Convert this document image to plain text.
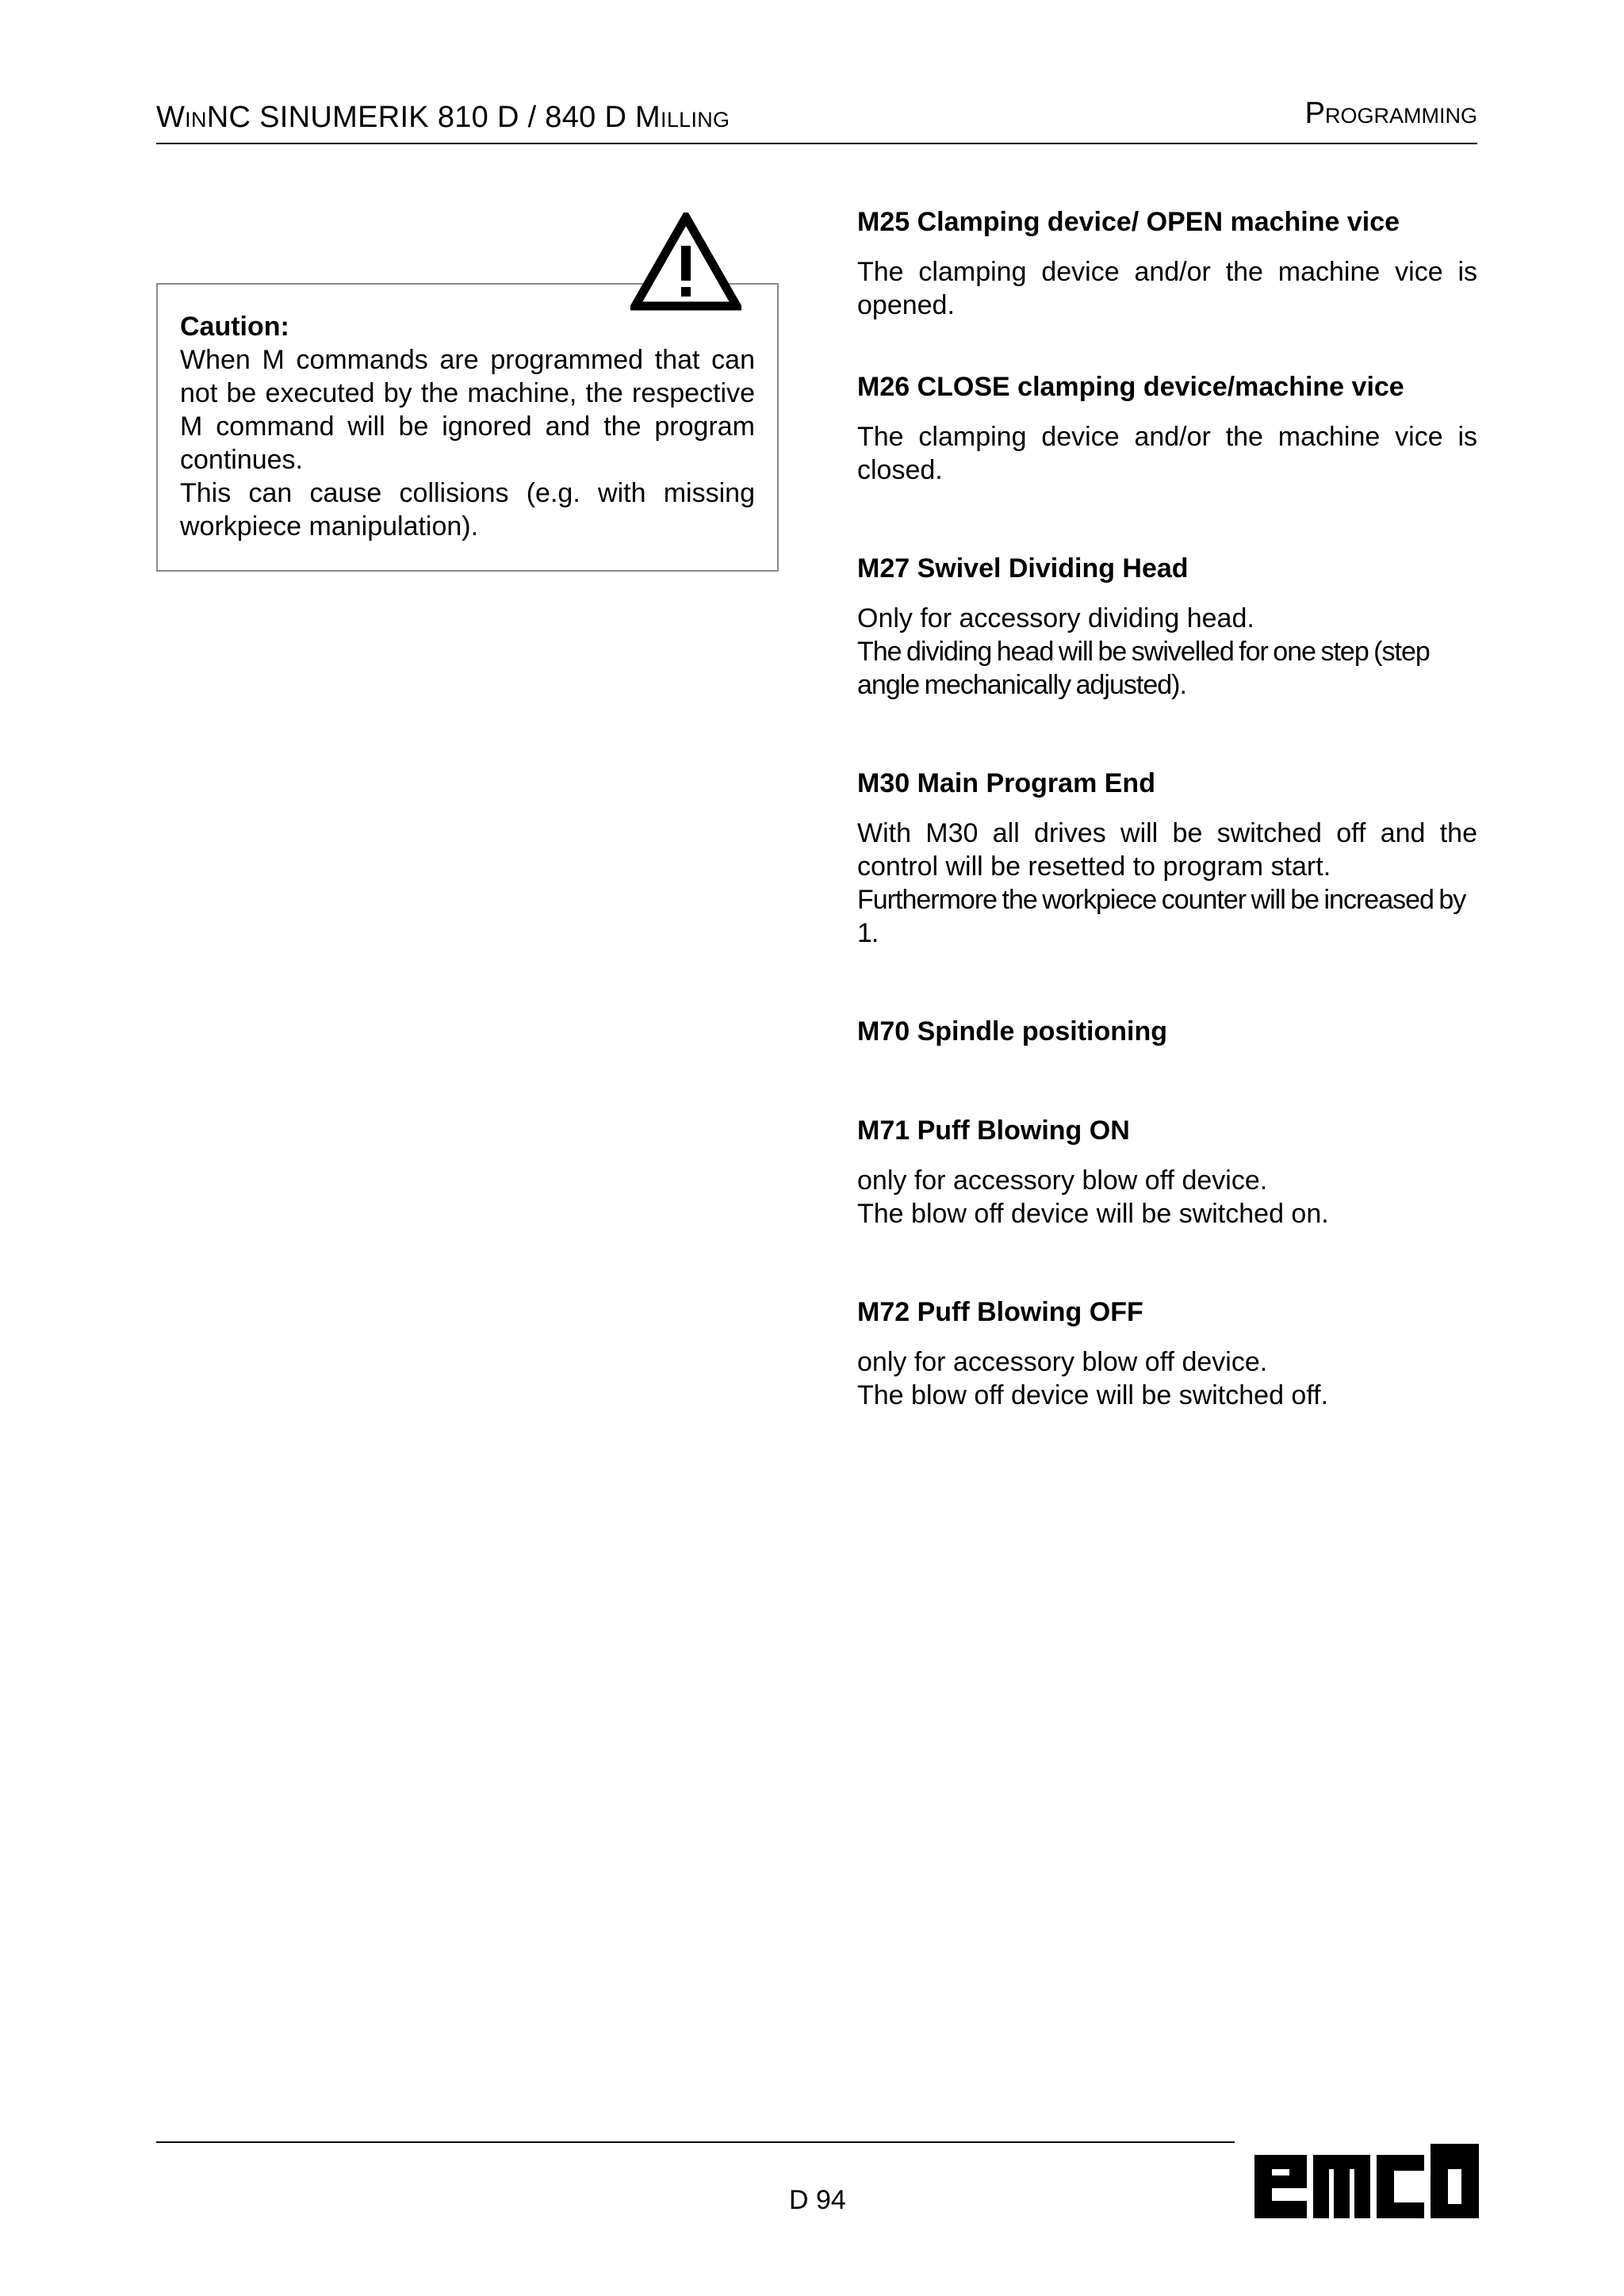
WINNC SINUMERIK 810 D / 840 D MILLING	PROGRAMMING
Caution:
When M commands are programmed that can not be executed by the machine, the respective M command will be ignored and the program continues.
This can cause collisions (e.g. with missing workpiece manipulation).
M25 Clamping device/ OPEN machine vice
The clamping device and/or the machine vice is opened.
M26 CLOSE clamping device/machine vice
The clamping device and/or the machine vice is closed.
M27 Swivel Dividing Head
Only for accessory dividing head.
The dividing head will be swivelled for one step (step angle mechanically adjusted).
M30 Main Program End
With M30 all drives will be switched off and the control will be resetted to program start.
Furthermore the workpiece counter will be increased by 1.
M70 Spindle positioning
M71 Puff Blowing ON
only for accessory blow off device.
The blow off device will be switched on.
M72 Puff Blowing OFF
only for accessory blow off device.
The blow off device will be switched off.
D 94
